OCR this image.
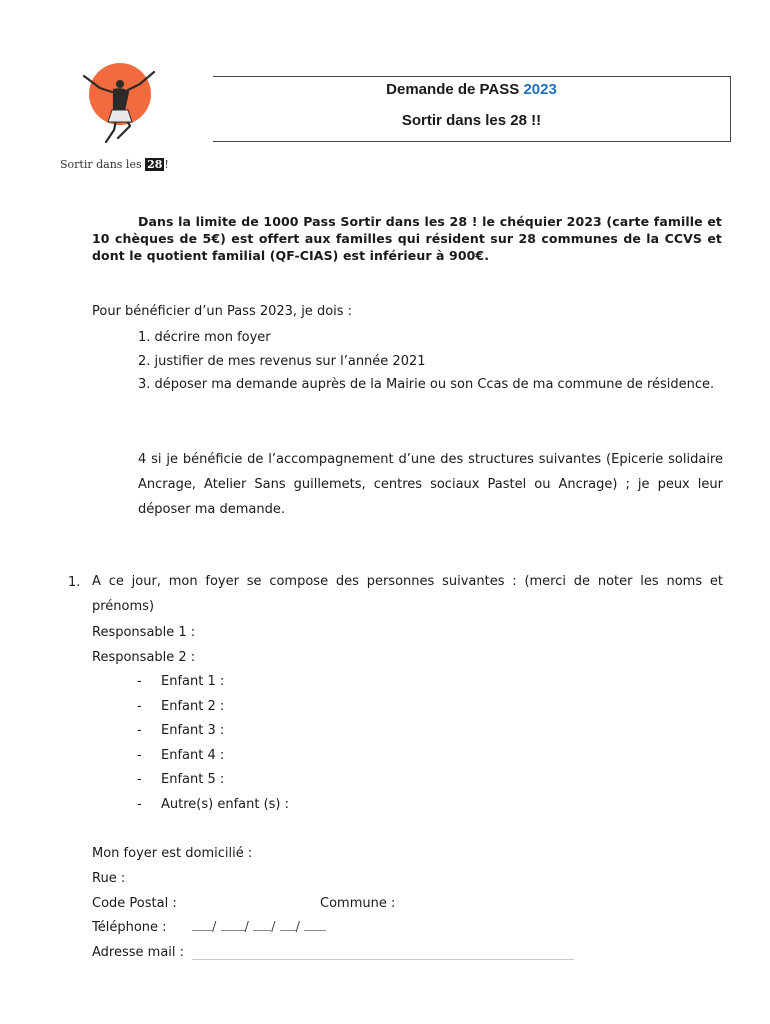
Sortir dans les 28 !
Demande de PASS 2023
Sortir dans les 28 !!
Dans la limite de 1000 Pass Sortir dans les 28 ! le chéquier 2023 (carte famille et 10 chèques de 5€) est offert aux familles qui résident sur 28 communes de la CCVS et dont le quotient familial (QF-CIAS) est inférieur à 900€.
Pour bénéficier d’un Pass 2023, je dois :
1. décrire mon foyer
2. justifier de mes revenus sur l’année 2021
3. déposer ma demande auprès de la Mairie ou son Ccas de ma commune de résidence.
4 si je bénéficie de l’accompagnement d’une des structures suivantes (Epicerie solidaire Ancrage, Atelier Sans guillemets, centres sociaux Pastel ou Ancrage) ; je peux leur déposer ma demande.
1. A ce jour, mon foyer se compose des personnes suivantes : (merci de noter les noms et prénoms)
Responsable 1 :
Responsable 2 :
- Enfant 1 :
- Enfant 2 :
- Enfant 3 :
- Enfant 4 :
- Enfant 5 :
- Autre(s) enfant (s) :
Mon foyer est domicilié :
Rue :
Code Postal :	Commune :
Téléphone :	/ / / /
Adresse mail :
